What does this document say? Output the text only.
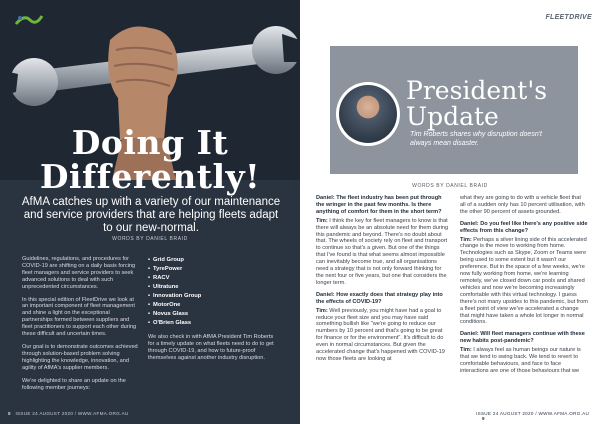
Doing It
Differently!
AfMA catches up with a variety of our maintenance and service providers that are helping fleets adapt to our new-normal.
WORDS BY DANIEL BRAID

Guidelines, regulations, and procedures for COVID-19 are shifting on a daily basis forcing fleet managers and service providers to seek advanced solutions to deal with such unprecedented circumstances.

In this special edition of FleetDrive we look at an important component of fleet management and shine a light on the exceptional partnerships formed between suppliers and fleet practitioners to support each other during these difficult and uncertain times.

Our goal is to demonstrate outcomes achieved through solution-based problem solving highlighting the knowledge, innovation, and agility of AfMA's supplier members.

We're delighted to share an update on the following member journeys:

• Grid Group
• TyrePower
• RACV
• Ultratune
• Innovation Group
• MotorOne
• Novus Glass
• O'Brien Glass

We also check in with AfMA President Tim Roberts for a timely update on what fleets need to do to get through COVID-19, and how to future-proof themselves against another industry disruption.

8 ISSUE 24 AUGUST 2020 / WWW.AFMA.ORG.AU
FLEETDRIVE
President's
Update
Tim Roberts shares why disruption doesn't always mean disaster.
WORDS BY DANIEL BRAID
Daniel: The fleet industry has been put through the wringer in the past few months. Is there anything of comfort for them in the short term?
Tim: I think the key for fleet managers to know is that there will always be an absolute need for them during this pandemic and beyond. There's no doubt about that. The wheels of society rely on fleet and transport to continue so that's a given. But one of the things that I've found is that what seems almost impossible can inevitably become true, and all organisations need a strategy that is not only forward thinking for the next four or five years, but one that considers the longer term.
Daniel: How exactly does that strategy play into the effects of COVID-19?
Tim: Well previously, you might have had a goal to reduce your fleet size and you may have said something bullish like "we're going to reduce our numbers by 10 percent and that's going to be great for finance or for the environment". It's difficult to do even in normal circumstances. But given the accelerated change that's happened with COVID-19 now those fleets are looking at
what they are going to do with a vehicle fleet that all of a sudden only has 10 percent utilisation, with the other 90 percent of assets grounded.
Daniel: Do you feel like there's any positive side effects from this change?
Tim: Perhaps a silver lining side of this accelerated change is the move to working from home. Technologies such as Skype, Zoom or Teams were being used to some extent but it wasn't our preference. But in the space of a few weeks, we're now fully working from home, we're learning remotely, we've closed down car pools and shared vehicles and now we're becoming increasingly comfortable with this virtual technology. I guess there's not many upsides to this pandemic, but from a fleet point of view we've accelerated a change that might have taken a whole lot longer in normal conditions.
Daniel: Will fleet managers continue with these new habits post-pandemic?
Tim: I always feel as human beings our nature is that we tend to swing back. We tend to revert to comfortable behaviours, and face to face interactions are one of those behaviours that we
ISSUE 24 AUGUST 2020 / WWW.AFMA.ORG.AU 9
